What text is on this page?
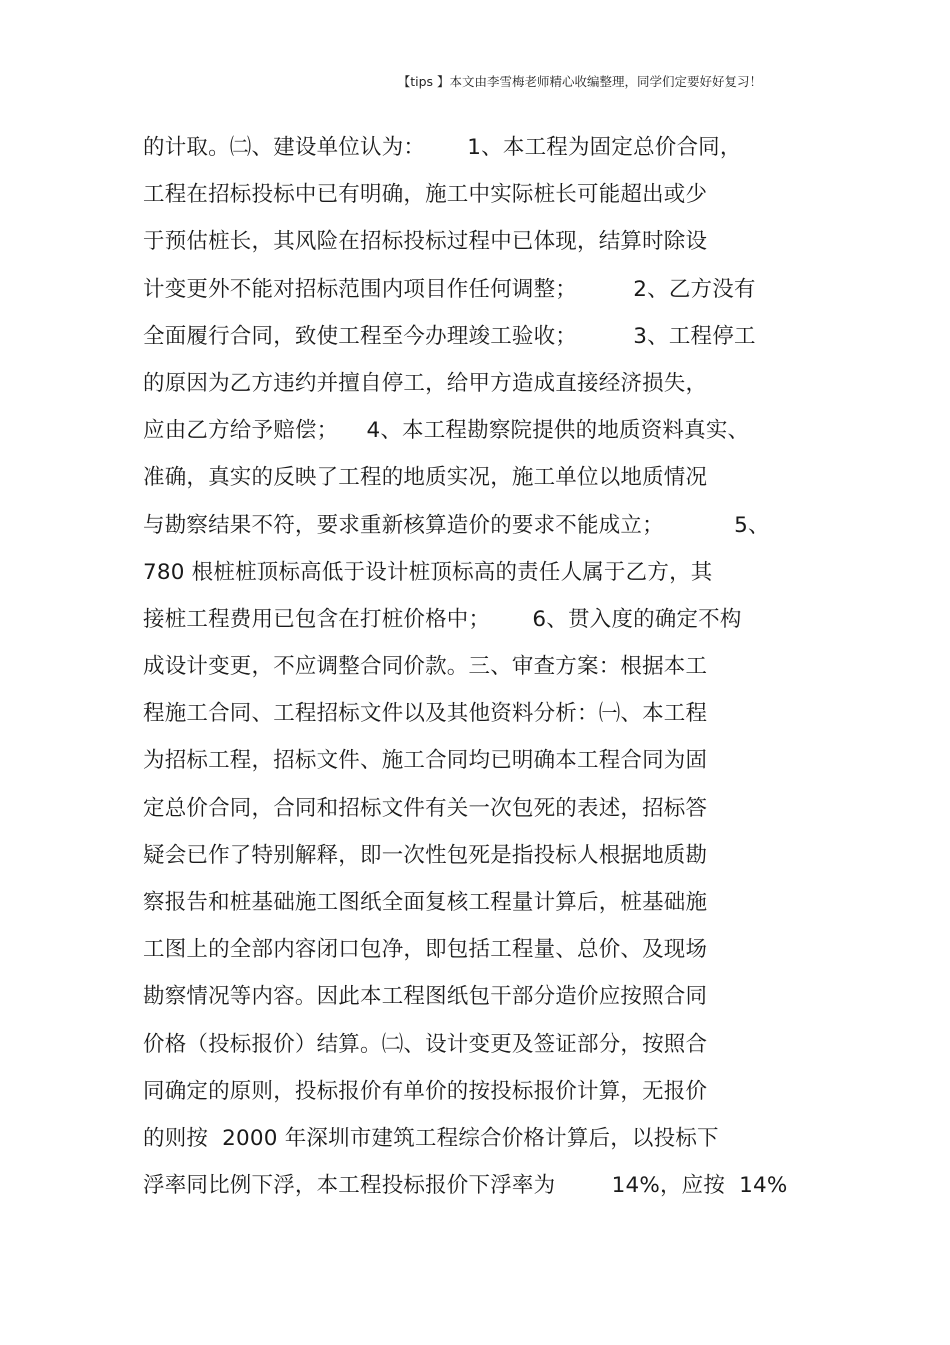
【tips 】本文由李雪梅老师精心收编整理，同学们定要好好复习！
的计取。㈡、建设单位认为：      1、本工程为固定总价合同，
工程在招标投标中已有明确，施工中实际桩长可能超出或少
于预估桩长，其风险在招标投标过程中已体现，结算时除设
计变更外不能对招标范围内项目作任何调整；        2、乙方没有
全面履行合同，致使工程至今办理竣工验收；        3、工程停工
的原因为乙方违约并擅自停工，给甲方造成直接经济损失，
应由乙方给予赔偿；    4、本工程勘察院提供的地质资料真实、
准确，真实的反映了工程的地质实况，施工单位以地质情况
与勘察结果不符，要求重新核算造价的要求不能成立；          5、
780 根桩桩顶标高低于设计桩顶标高的责任人属于乙方，其
接桩工程费用已包含在打桩价格中；      6、贯入度的确定不构
成设计变更，不应调整合同价款。三、审查方案：根据本工
程施工合同、工程招标文件以及其他资料分析：㈠、本工程
为招标工程，招标文件、施工合同均已明确本工程合同为固
定总价合同，合同和招标文件有关一次包死的表述，招标答
疑会已作了特别解释，即一次性包死是指投标人根据地质勘
察报告和桩基础施工图纸全面复核工程量计算后，桩基础施
工图上的全部内容闭口包净，即包括工程量、总价、及现场
勘察情况等内容。因此本工程图纸包干部分造价应按照合同
价格（投标报价）结算。㈡、设计变更及签证部分，按照合
同确定的原则，投标报价有单价的按投标报价计算，无报价
的则按  2000 年深圳市建筑工程综合价格计算后，以投标下
浮率同比例下浮，本工程投标报价下浮率为        14%，应按  14%
